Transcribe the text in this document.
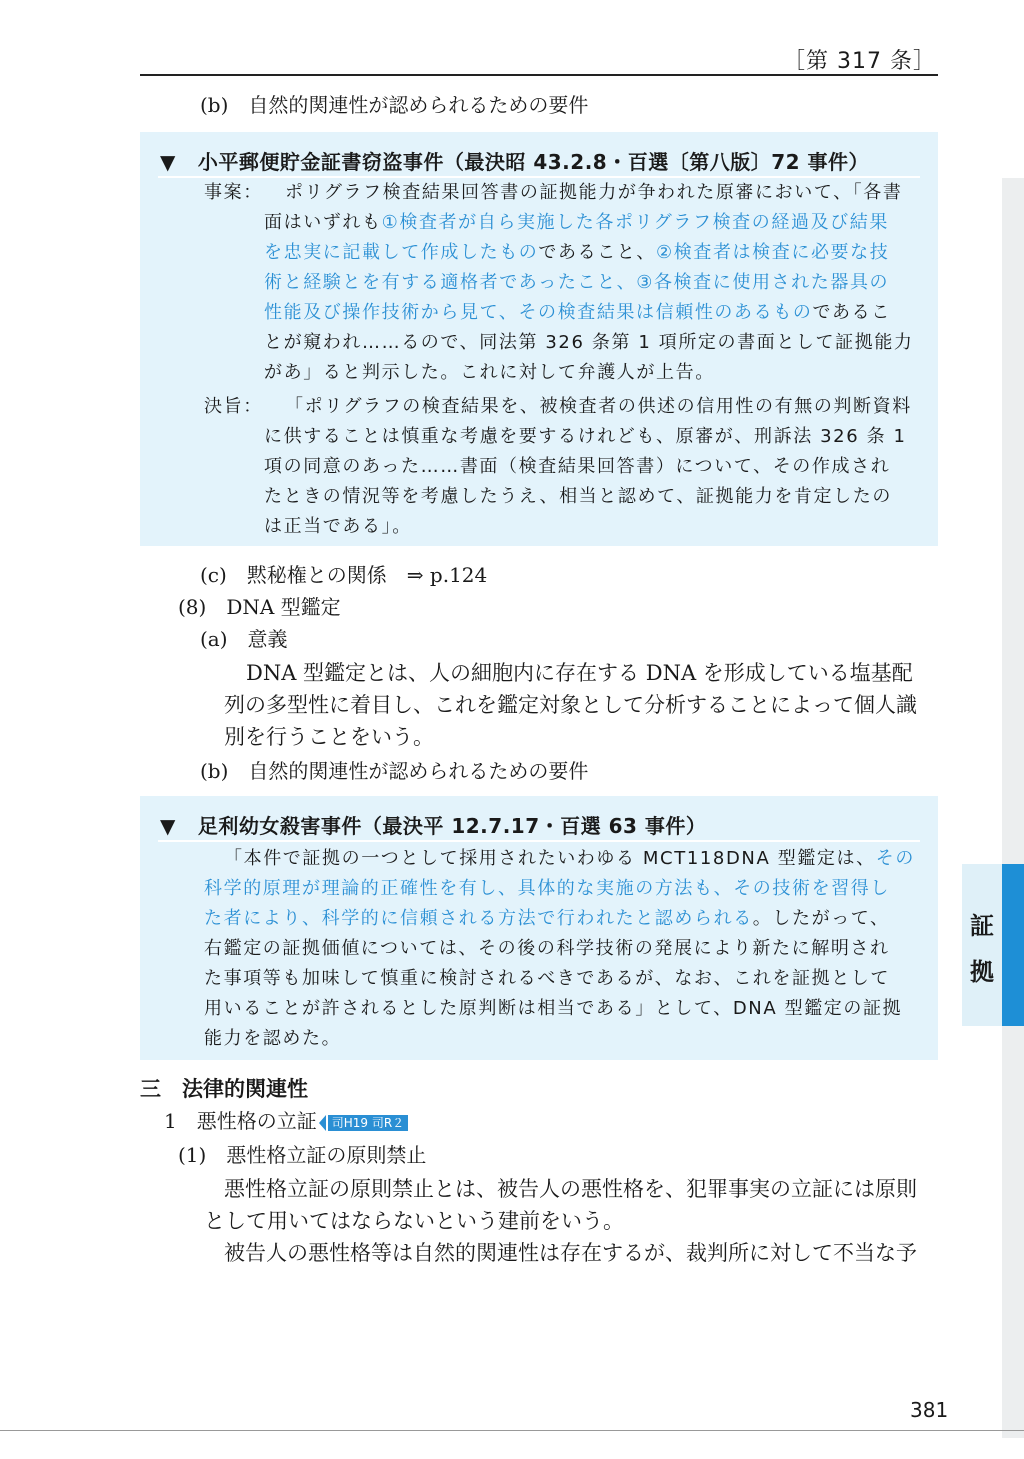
［第 317 条］
(b)　自然的関連性が認められるための要件
▼ 小平郵便貯金証書窃盗事件（最決昭 43.2.8・百選〔第八版〕72 事件）
事案： ポリグラフ検査結果回答書の証拠能力が争われた原審において、「各書
面はいずれも①検査者が自ら実施した各ポリグラフ検査の経過及び結果
を忠実に記載して作成したものであること、②検査者は検査に必要な技
術と経験とを有する適格者であったこと、③各検査に使用された器具の
性能及び操作技術から見て、その検査結果は信頼性のあるものであるこ
とが窺われ……るので、同法第 326 条第 1 項所定の書面として証拠能力
があ」ると判示した。これに対して弁護人が上告。
決旨： 「ポリグラフの検査結果を、被検査者の供述の信用性の有無の判断資料
に供することは慎重な考慮を要するけれども、原審が、刑訴法 326 条 1
項の同意のあった……書面（検査結果回答書）について、その作成され
たときの情況等を考慮したうえ、相当と認めて、証拠能力を肯定したの
は正当である」。
(c)　黙秘権との関係　⇒ p.124
(8)　DNA 型鑑定
(a)　意義
DNA 型鑑定とは、人の細胞内に存在する DNA を形成している塩基配
列の多型性に着目し、これを鑑定対象として分析することによって個人識
別を行うことをいう。
(b)　自然的関連性が認められるための要件
▼ 足利幼女殺害事件（最決平 12.7.17・百選 63 事件）
「本件で証拠の一つとして採用されたいわゆる MCT118DNA 型鑑定は、その
科学的原理が理論的正確性を有し、具体的な実施の方法も、その技術を習得し
た者により、科学的に信頼される方法で行われたと認められる。したがって、
右鑑定の証拠価値については、その後の科学技術の発展により新たに解明され
た事項等も加味して慎重に検討されるべきであるが、なお、これを証拠として
用いることが許されるとした原判断は相当である」として、DNA 型鑑定の証拠
能力を認めた。
三　法律的関連性
1　悪性格の立証 司H19 司R２
(1)　悪性格立証の原則禁止
悪性格立証の原則禁止とは、被告人の悪性格を、犯罪事実の立証には原則
として用いてはならないという建前をいう。
被告人の悪性格等は自然的関連性は存在するが、裁判所に対して不当な予
証
拠
381
